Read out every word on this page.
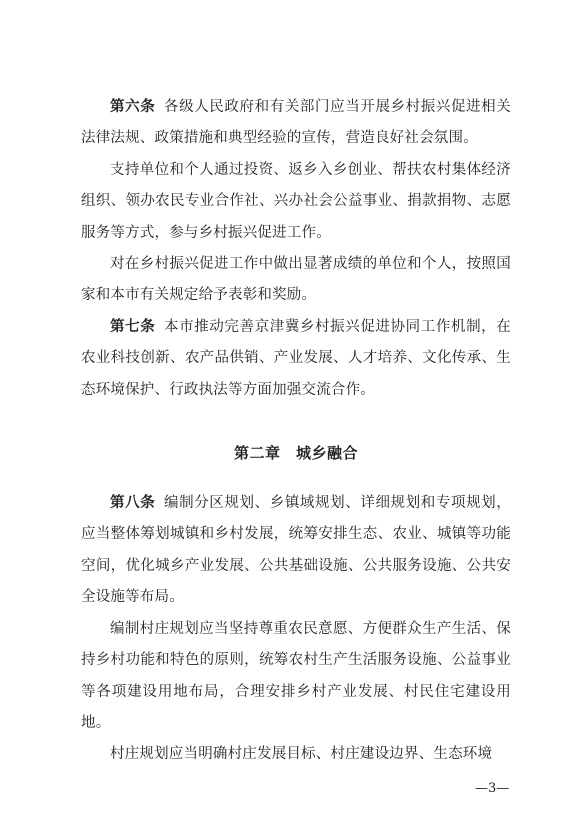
第六条 各级人民政府和有关部门应当开展乡村振兴促进相关法律法规、政策措施和典型经验的宣传，营造良好社会氛围。

支持单位和个人通过投资、返乡入乡创业、帮扶农村集体经济组织、领办农民专业合作社、兴办社会公益事业、捐款捐物、志愿服务等方式，参与乡村振兴促进工作。

对在乡村振兴促进工作中做出显著成绩的单位和个人，按照国家和本市有关规定给予表彰和奖励。

第七条 本市推动完善京津冀乡村振兴促进协同工作机制，在农业科技创新、农产品供销、产业发展、人才培养、文化传承、生态环境保护、行政执法等方面加强交流合作。

第二章　城乡融合

第八条 编制分区规划、乡镇域规划、详细规划和专项规划，应当整体筹划城镇和乡村发展，统筹安排生态、农业、城镇等功能空间，优化城乡产业发展、公共基础设施、公共服务设施、公共安全设施等布局。

编制村庄规划应当坚持尊重农民意愿、方便群众生产生活、保持乡村功能和特色的原则，统筹农村生产生活服务设施、公益事业等各项建设用地布局，合理安排乡村产业发展、村民住宅建设用地。

村庄规划应当明确村庄发展目标、村庄建设边界、生态环境

—3—
